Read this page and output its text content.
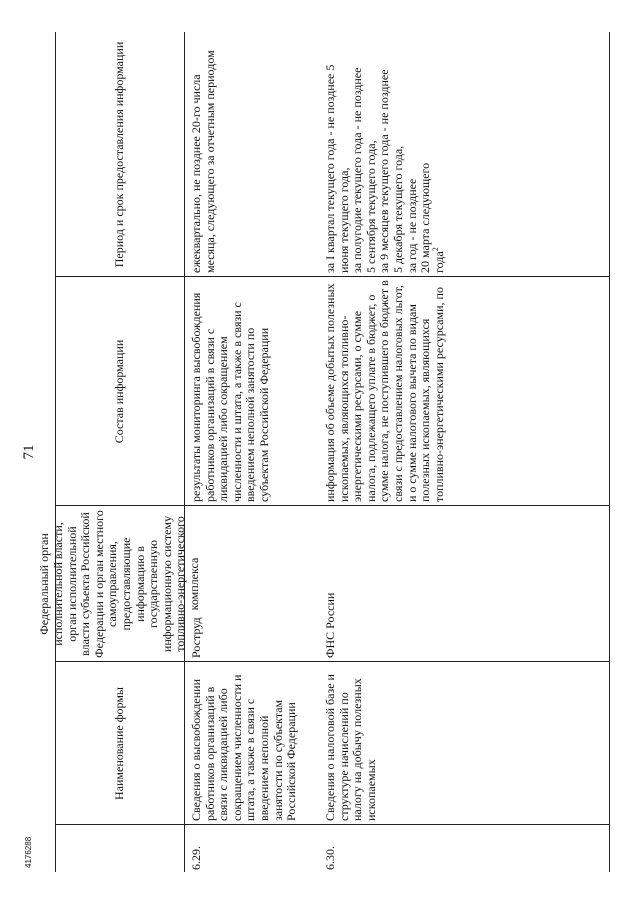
4176288
71
Наименование формы
Федеральный орган исполнительной власти, орган исполнительной власти субъекта Российской Федерации и орган местного самоуправления, предоставляющие информацию в государственную информационную систему топливно-энергетического комплекса
Состав информации
Период и срок предоставления информации
6.29.
Сведения о высвобождении работников организаций в связи с ликвидацией либо сокращением численности и штата, а также в связи с введением неполной занятости по субъектам Российской Федерации
Роструд
результаты мониторинга высвобождения работников организаций в связи с ликвидацией либо сокращением численности и штата, а также в связи с введением неполной занятости по субъектам Российской Федерации
ежеквартально, не позднее 20-го числа месяца, следующего за отчетным периодом
6.30.
Сведения о налоговой базе и структуре начислений по налогу на добычу полезных ископаемых
ФНС России
информация об объеме добытых полезных ископаемых, являющихся топливно-энергетическими ресурсами, о сумме налога, подлежащего уплате в бюджет, о сумме налога, не поступившего в бюджет в связи с предоставлением налоговых льгот, и о сумме налогового вычета по видам полезных ископаемых, являющихся топливно-энергетическими ресурсами, по
за I квартал текущего года - не позднее 5 июня текущего года, за полугодие текущего года - не позднее 5 сентября текущего года, за 9 месяцев текущего года - не позднее 5 декабря текущего года, за год - не позднее 20 марта следующего года$^2$
